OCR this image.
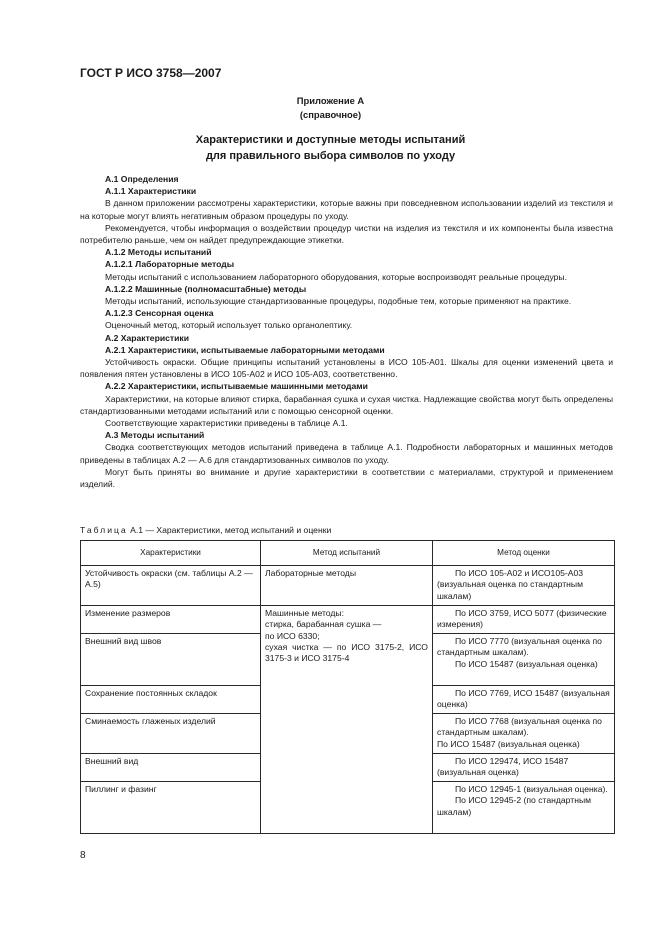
ГОСТ Р ИСО 3758—2007
Приложение А
(справочное)
Характеристики и доступные методы испытаний
для правильного выбора символов по уходу

А.1 Определения

А.1.1 Характеристики

В данном приложении рассмотрены характеристики, которые важны при повседневном использовании изделий из текстиля и на которые могут влиять негативным образом процедуры по уходу.

Рекомендуется, чтобы информация о воздействии процедур чистки на изделия из текстиля и их компоненты была известна потребителю раньше, чем он найдет предупреждающие этикетки.

А.1.2 Методы испытаний

А.1.2.1 Лабораторные методы

Методы испытаний с использованием лабораторного оборудования, которые воспроизводят реальные процедуры.

А.1.2.2 Машинные (полномасштабные) методы

Методы испытаний, использующие стандартизованные процедуры, подобные тем, которые применяют на практике.

А.1.2.3 Сенсорная оценка

Оценочный метод, который использует только органолептику.

А.2 Характеристики

А.2.1 Характеристики, испытываемые лабораторными методами

Устойчивость окраски. Общие принципы испытаний установлены в ИСО 105-А01. Шкалы для оценки изменений цвета и появления пятен установлены в ИСО 105-А02 и ИСО 105-А03, соответственно.

А.2.2 Характеристики, испытываемые машинными методами

Характеристики, на которые влияют стирка, барабанная сушка и сухая чистка. Надлежащие свойства могут быть определены стандартизованными методами испытаний или с помощью сенсорной оценки.

Соответствующие характеристики приведены в таблице А.1.

А.3 Методы испытаний

Сводка соответствующих методов испытаний приведена в таблице А.1. Подробности лабораторных и машинных методов приведены в таблицах А.2 — А.6 для стандартизованных символов по уходу.

Могут быть приняты во внимание и другие характеристики в соответствии с материалами, структурой и применением изделий.

Таблица А.1 — Характеристики, метод испытаний и оценки
Характеристики	Метод испытаний	Метод оценки
Устойчивость окраски (см. таблицы А.2 — А.5)	Лабораторные методы	По ИСО 105-А02 и ИСО105-А03 (визуальная оценка по стандартным шкалам)
Изменение размеров	Машинные методы:
стирка, барабанная сушка —
по ИСО 6330;
сухая чистка — по ИСО 3175-2, ИСО 3175-3 и ИСО 3175-4	По ИСО 3759, ИСО 5077 (физические измерения)
Внешний вид швов		По ИСО 7770 (визуальная оценка по стандартным шкалам).
По ИСО 15487 (визуальная оценка)

Сохранение постоянных складок		По ИСО 7769, ИСО 15487 (визуальная оценка)
Сминаемость глаженых изделий		По ИСО 7768 (визуальная оценка по стандартным шкалам).
По ИСО 15487 (визуальная оценка)

Внешний вид		По ИСО 129474, ИСО 15487 (визуальная оценка)
Пиллинг и фазинг		По ИСО 12945-1 (визуальная оценка).
По ИСО 12945-2 (по стандартным шкалам)
8
